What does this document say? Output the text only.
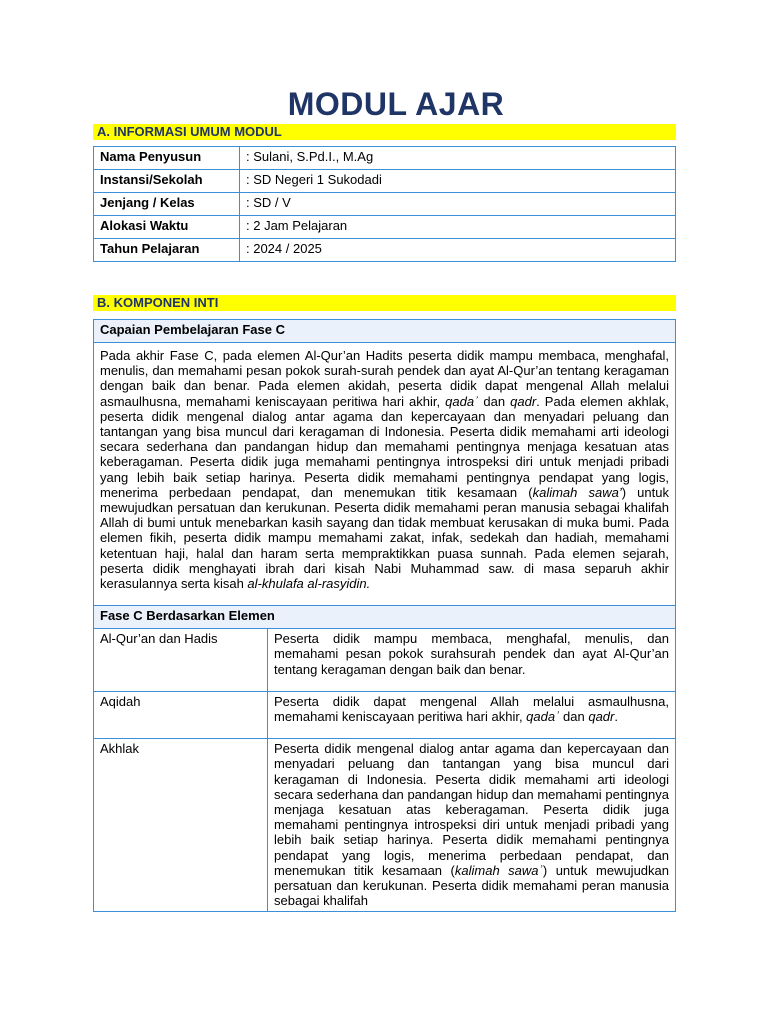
MODUL AJAR
A. INFORMASI UMUM MODUL
Nama Penyusun	: Sulani, S.Pd.I., M.Ag
Instansi/Sekolah	: SD Negeri 1 Sukodadi
Jenjang / Kelas	: SD / V
Alokasi Waktu	: 2 Jam Pelajaran
Tahun Pelajaran	: 2024 / 2025
B. KOMPONEN INTI
Capaian Pembelajaran Fase C	
Pada akhir Fase C, pada elemen Al-Qur’an Hadits peserta didik mampu membaca, menghafal, menulis, dan memahami pesan pokok surah-surah pendek dan ayat Al-Qur’an tentang keragaman dengan baik dan benar. Pada elemen akidah, peserta didik dapat mengenal Allah melalui asmaulhusna, memahami keniscayaan peritiwa hari akhir, qadaʾ dan qadr. Pada elemen akhlak, peserta didik mengenal dialog antar agama dan kepercayaan dan menyadari peluang dan tantangan yang bisa muncul dari keragaman di Indonesia. Peserta didik memahami arti ideologi secara sederhana dan pandangan hidup dan memahami pentingnya menjaga kesatuan atas keberagaman. Peserta didik juga memahami pentingnya introspeksi diri untuk menjadi pribadi yang lebih baik setiap harinya. Peserta didik memahami pentingnya pendapat yang logis, menerima perbedaan pendapat, dan menemukan titik kesamaan (kalimah sawa’) untuk mewujudkan persatuan dan kerukunan. Peserta didik memahami peran manusia sebagai khalifah Allah di bumi untuk menebarkan kasih sayang dan tidak membuat kerusakan di muka bumi. Pada elemen fikih, peserta didik mampu memahami zakat, infak, sedekah dan hadiah, memahami ketentuan haji, halal dan haram serta mempraktikkan puasa sunnah. Pada elemen sejarah, peserta didik menghayati ibrah dari kisah Nabi Muhammad saw. di masa separuh akhir kerasulannya serta kisah al-khulafa al-rasyidin.	
Fase C Berdasarkan Elemen	
Al-Qur’an dan Hadis	Peserta didik mampu membaca, menghafal, menulis, dan memahami pesan pokok surahsurah pendek dan ayat Al-Qur’an tentang keragaman dengan baik dan benar.
Aqidah	Peserta didik dapat mengenal Allah melalui asmaulhusna, memahami keniscayaan peritiwa hari akhir, qadaʾ dan qadr.
Akhlak	Peserta didik mengenal dialog antar agama dan kepercayaan dan menyadari peluang dan tantangan yang bisa muncul dari keragaman di Indonesia. Peserta didik memahami arti ideologi secara sederhana dan pandangan hidup dan memahami pentingnya menjaga kesatuan atas keberagaman. Peserta didik juga memahami pentingnya introspeksi diri untuk menjadi pribadi yang lebih baik setiap harinya. Peserta didik memahami pentingnya pendapat yang logis, menerima perbedaan pendapat, dan menemukan titik kesamaan (kalimah sawaʾ) untuk mewujudkan persatuan dan kerukunan. Peserta didik memahami peran manusia sebagai khalifah
